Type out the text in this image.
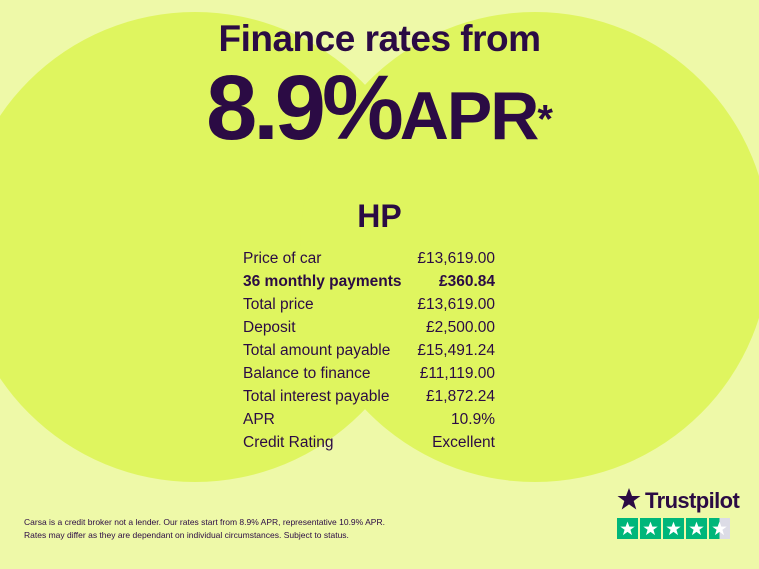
Finance rates from
8.9%APR*
HP
Price of car	£13,619.00
36 monthly payments £360.84
Total price	£13,619.00
Deposit	£2,500.00
Total amount payable £15,491.24
Balance to finance	£11,119.00
Total interest payable £1,872.24
APR	10.9%
Credit Rating	Excellent
Carsa is a credit broker not a lender. Our rates start from 8.9% APR, representative 10.9% APR.
Rates may differ as they are dependant on individual circumstances. Subject to status.
Trustpilot
